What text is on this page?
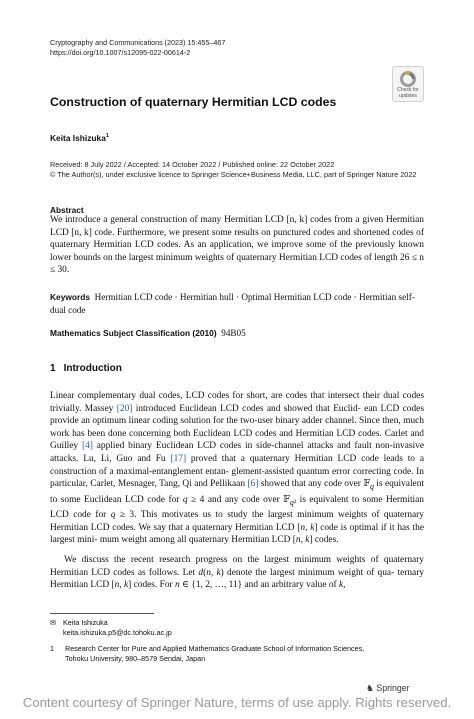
Cryptography and Communications (2023) 15:455–467
https://doi.org/10.1007/s12095-022-00614-2
Check for
updates
Construction of quaternary Hermitian LCD codes
Keita Ishizuka$^1$
Received: 8 July 2022 / Accepted: 14 October 2022 / Published online: 22 October 2022
© The Author(s), under exclusive licence to Springer Science+Business Media, LLC, part of Springer Nature 2022
Abstract
We introduce a general construction of many Hermitian LCD [n, k] codes from a given Hermitian LCD [n, k] code. Furthermore, we present some results on punctured codes and shortened codes of quaternary Hermitian LCD codes. As an application, we improve some of the previously known lower bounds on the largest minimum weights of quaternary Hermitian LCD codes of length 26 ≤ n ≤ 30.
Keywords Hermitian LCD code · Hermitian hull · Optimal Hermitian LCD code · Hermitian self-dual code
Mathematics Subject Classification (2010) 94B05
1 Introduction

Linear complementary dual codes, LCD codes for short, are codes that intersect their dual codes trivially. Massey [20] introduced Euclidean LCD codes and showed that Euclid- ean LCD codes provide an optimum linear coding solution for the two-user binary adder channel. Since then, much work has been done concerning both Euclidean LCD codes and Hermitian LCD codes. Carlet and Guilley [4] applied binary Euclidean LCD codes in side-channel attacks and fault non-invasive attacks. Lu, Li, Guo and Fu [17] proved that a quaternary Hermitian LCD code leads to a construction of a maximal-entanglement entan- glement-assisted quantum error correcting code. In particular, Carlet, Mesnager, Tang, Qi and Pellikaan [6] showed that any code over 𝔽$_q$ is equivalent to some Euclidean LCD code for q ≥ 4 and any code over 𝔽$_{q^2}$ is equivalent to some Hermitian LCD code for q ≥ 3. This motivates us to study the largest minimum weights of quaternary Hermitian LCD codes. We say that a quaternary Hermitian LCD [n, k] code is optimal if it has the largest mini- mum weight among all quaternary Hermitian LCD [n, k] codes.

We discuss the recent research progress on the largest minimum weights of quaternary Hermitian LCD codes as follows. Let d(n, k) denote the largest minimum weight of qua- ternary Hermitian LCD [n, k] codes. For n ∈ {1, 2, …, 11} and an arbitrary value of k,

✉ Keita Ishizuka
keita.ishizuka.p5@dc.tohoku.ac.jp
1 Research Center for Pure and Applied Mathematics Graduate School of Information Sciences,
Tohoku University, 980–8579 Sendai, Japan
♞ Springer
Content courtesy of Springer Nature, terms of use apply. Rights reserved.
